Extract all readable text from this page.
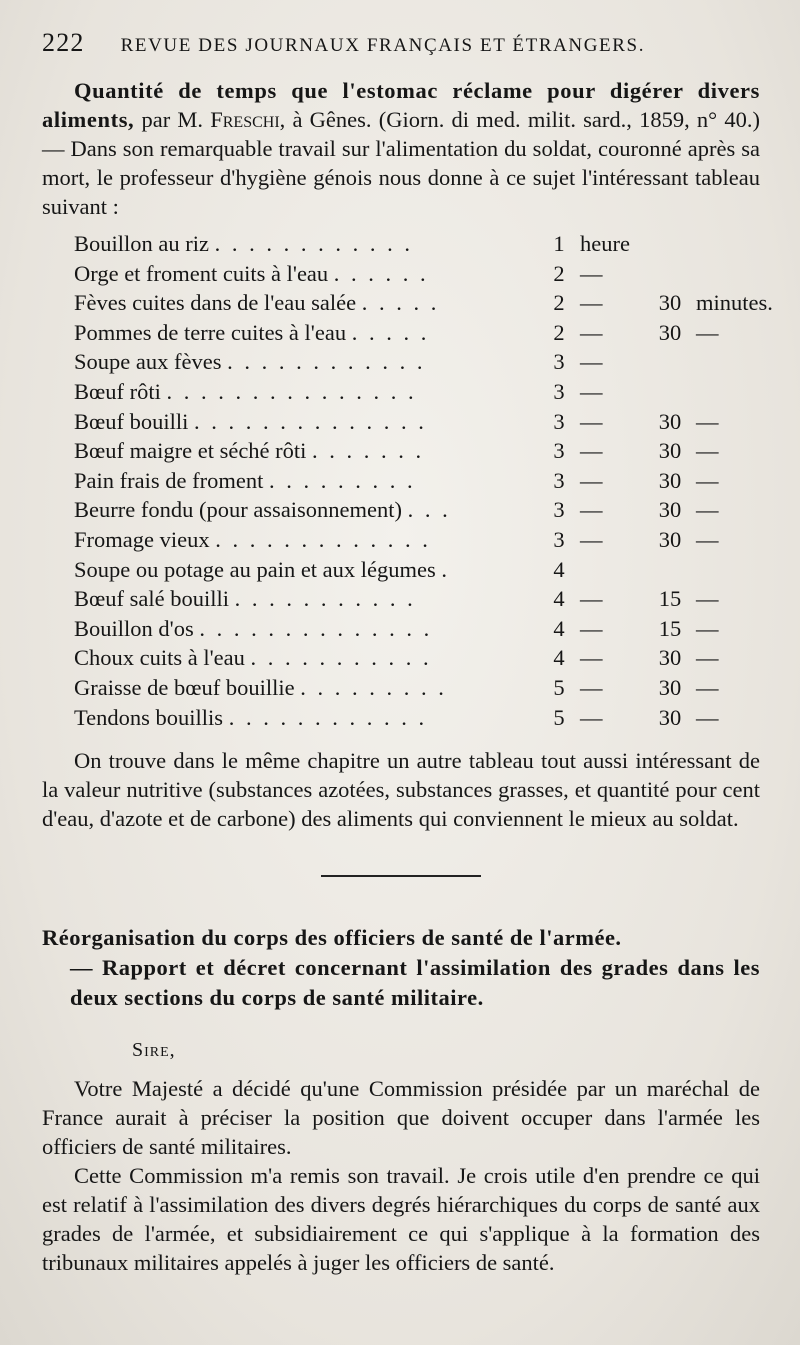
222 REVUE DES JOURNAUX FRANÇAIS ET ÉTRANGERS.

Quantité de temps que l'estomac réclame pour digérer divers aliments, par M. Freschi, à Gênes. (Giorn. di med. milit. sard., 1859, n° 40.) — Dans son remarquable travail sur l'alimentation du soldat, couronné après sa mort, le professeur d'hygiène génois nous donne à ce sujet l'intéressant tableau suivant :

Bouillon au riz . . . . . . . . . . . .	1 heure
Orge et froment cuits à l'eau . . . . . .	2 —
Fèves cuites dans de l'eau salée . . . . .	2 —	30 minutes.
Pommes de terre cuites à l'eau . . . . .	2 —	30 —
Soupe aux fèves . . . . . . . . . . . .	3 —
Bœuf rôti . . . . . . . . . . . . . . .	3 —
Bœuf bouilli . . . . . . . . . . . . . .	3 —	30 —
Bœuf maigre et séché rôti . . . . . . .	3 —	30 —
Pain frais de froment . . . . . . . . .	3 —	30 —
Beurre fondu (pour assaisonnement) . . .	3 —	30 —
Fromage vieux . . . . . . . . . . . . .	3 —	30 —
Soupe ou potage au pain et aux légumes .	4
Bœuf salé bouilli . . . . . . . . . . .	4 —	15 —
Bouillon d'os . . . . . . . . . . . . . .	4 —	15 —
Choux cuits à l'eau . . . . . . . . . . .	4 —	30 —
Graisse de bœuf bouillie . . . . . . . . .	5 —	30 —
Tendons bouillis . . . . . . . . . . . .	5 —	30 —

On trouve dans le même chapitre un autre tableau tout aussi intéressant de la valeur nutritive (substances azotées, substances grasses, et quantité pour cent d'eau, d'azote et de carbone) des aliments qui conviennent le mieux au soldat.

Réorganisation du corps des officiers de santé de l'armée.
— Rapport et décret concernant l'assimilation des grades dans les deux sections du corps de santé militaire.
Sire,

Votre Majesté a décidé qu'une Commission présidée par un maréchal de France aurait à préciser la position que doivent occuper dans l'armée les officiers de santé militaires.

Cette Commission m'a remis son travail. Je crois utile d'en prendre ce qui est relatif à l'assimilation des divers degrés hiérarchiques du corps de santé aux grades de l'armée, et subsidiairement ce qui s'applique à la formation des tribunaux militaires appelés à juger les officiers de santé.
